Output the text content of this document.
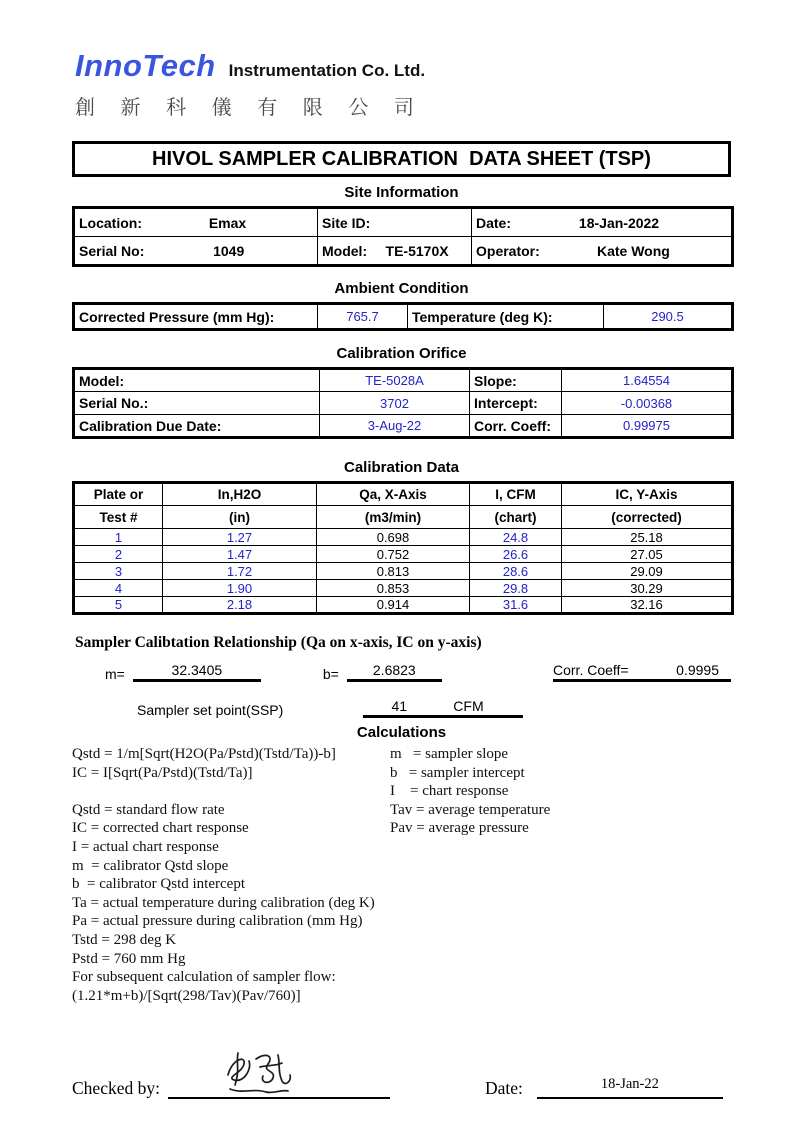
InnoTech Instrumentation Co. Ltd.
創 新 科 儀 有 限 公 司
HIVOL SAMPLER CALIBRATION  DATA SHEET (TSP)
Site Information
Location: Emax	Site ID:	Date: 18-Jan-2022

Serial No: 1049	Model: TE-5170X	Operator: Kate Wong
Ambient Condition
Corrected Pressure (mm Hg):	765.7	Temperature (deg K):	290.5
Calibration Orifice
Model:	TE-5028A	Slope:	1.64554
Serial No.:	3702	Intercept:	-0.00368
Calibration Due Date:	3-Aug-22	Corr. Coeff:	0.99975
Calibration Data
Plate or	In,H2O	Qa, X-Axis	I, CFM	IC, Y-Axis
Test #	(in)	(m3/min)	(chart)	(corrected)
1	1.27	0.698	24.8	25.18
2	1.47	0.752	26.6	27.05
3	1.72	0.813	28.6	29.09
4	1.90	0.853	29.8	30.29
5	2.18	0.914	31.6	32.16
Sampler Calibtation Relationship (Qa on x-axis, IC on y-axis)
m=	32.3405	b=	2.6823	Corr. Coeff=	0.9995
Sampler set point(SSP)	41	CFM
Calculations
Qstd = 1/m[Sqrt(H2O(Pa/Pstd)(Tstd/Ta))-b]
IC = I[Sqrt(Pa/Pstd)(Tstd/Ta)]
Qstd = standard flow rate
IC = corrected chart response
I = actual chart response
m  = calibrator Qstd slope
b  = calibrator Qstd intercept
Ta = actual temperature during calibration (deg K)
Pa = actual pressure during calibration (mm Hg)
Tstd = 298 deg K
Pstd = 760 mm Hg
For subsequent calculation of sampler flow:
(1.21*m+b)/[Sqrt(298/Tav)(Pav/760)]
m   = sampler slope
b   = sampler intercept
I    = chart response
Tav = average temperature
Pav = average pressure
Checked by:	Date:	18-Jan-22
